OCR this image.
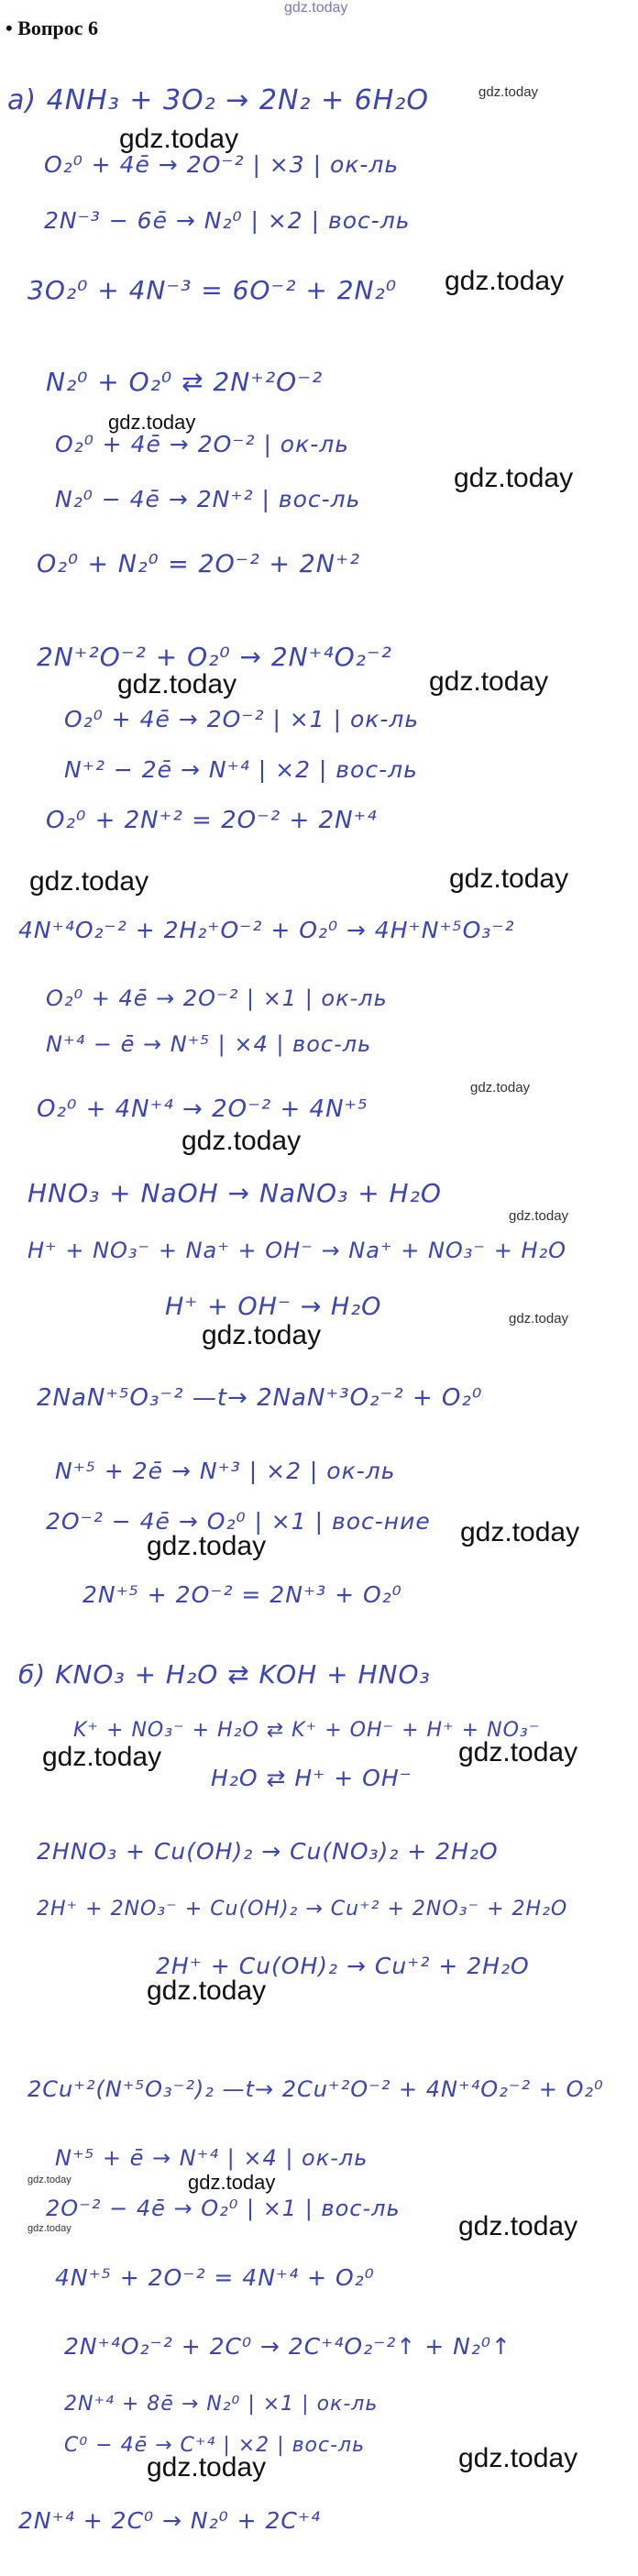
gdz.today
• Вопрос 6
а) 4NH₃ + 3O₂ → 2N₂ + 6H₂O
O₂⁰ + 4ē → 2O⁻² | ×3 | ок-ль
2N⁻³ − 6ē → N₂⁰ | ×2 | вос-ль
3O₂⁰ + 4N⁻³ = 6O⁻² + 2N₂⁰
N₂⁰ + O₂⁰ ⇄ 2N⁺²O⁻²
O₂⁰ + 4ē → 2O⁻² | ок-ль
N₂⁰ − 4ē → 2N⁺² | вос-ль
O₂⁰ + N₂⁰ = 2O⁻² + 2N⁺²
2N⁺²O⁻² + O₂⁰ → 2N⁺⁴O₂⁻²
O₂⁰ + 4ē → 2O⁻² | ×1 | ок-ль
N⁺² − 2ē → N⁺⁴ | ×2 | вос-ль
O₂⁰ + 2N⁺² = 2O⁻² + 2N⁺⁴
4N⁺⁴O₂⁻² + 2H₂⁺O⁻² + O₂⁰ → 4H⁺N⁺⁵O₃⁻²
O₂⁰ + 4ē → 2O⁻² | ×1 | ок-ль
N⁺⁴ − ē → N⁺⁵ | ×4 | вос-ль
O₂⁰ + 4N⁺⁴ → 2O⁻² + 4N⁺⁵
HNO₃ + NaOH → NaNO₃ + H₂O
H⁺ + NO₃⁻ + Na⁺ + OH⁻ → Na⁺ + NO₃⁻ + H₂O
H⁺ + OH⁻ → H₂O
2NaN⁺⁵O₃⁻² —t→ 2NaN⁺³O₂⁻² + O₂⁰
N⁺⁵ + 2ē → N⁺³ | ×2 | ок-ль
2O⁻² − 4ē → O₂⁰ | ×1 | вос-ние
2N⁺⁵ + 2O⁻² = 2N⁺³ + O₂⁰
б) KNO₃ + H₂O ⇄ KOH + HNO₃
K⁺ + NO₃⁻ + H₂O ⇄ K⁺ + OH⁻ + H⁺ + NO₃⁻
H₂O ⇄ H⁺ + OH⁻
2HNO₃ + Cu(OH)₂ → Cu(NO₃)₂ + 2H₂O
2H⁺ + 2NO₃⁻ + Cu(OH)₂ → Cu⁺² + 2NO₃⁻ + 2H₂O
2H⁺ + Cu(OH)₂ → Cu⁺² + 2H₂O
2Cu⁺²(N⁺⁵O₃⁻²)₂ —t→ 2Cu⁺²O⁻² + 4N⁺⁴O₂⁻² + O₂⁰
N⁺⁵ + ē → N⁺⁴ | ×4 | ок-ль
2O⁻² − 4ē → O₂⁰ | ×1 | вос-ль
4N⁺⁵ + 2O⁻² = 4N⁺⁴ + O₂⁰
2N⁺⁴O₂⁻² + 2C⁰ → 2C⁺⁴O₂⁻²↑ + N₂⁰↑
2N⁺⁴ + 8ē → N₂⁰ | ×1 | ок-ль
C⁰ − 4ē → C⁺⁴ | ×2 | вос-ль
2N⁺⁴ + 2C⁰ → N₂⁰ + 2C⁺⁴
gdz.today
gdz.today
gdz.today
gdz.today
gdz.today
gdz.today	gdz.today
gdz.today	gdz.today
gdz.today
gdz.today
gdz.today
gdz.today
gdz.today
gdz.today	gdz.today
gdz.today	gdz.today
gdz.today
gdz.today	gdz.today
gdz.today	gdz.today
gdz.today	gdz.today
